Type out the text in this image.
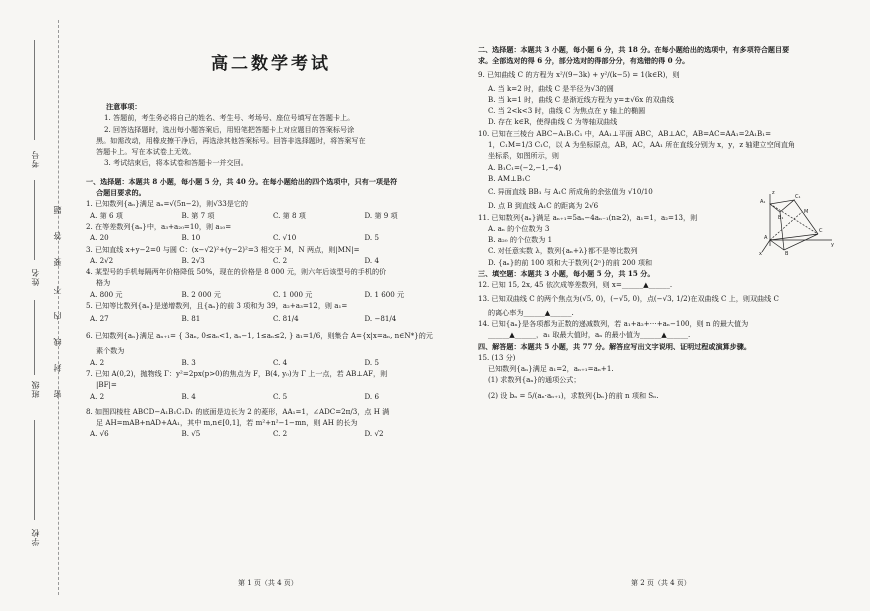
考号
姓名
班级
学校
题
答
要
不
内
线
封
密
高二数学考试
注意事项：
1. 答题前，考生务必将自己的姓名、考生号、考场号、座位号填写在答题卡上。
2. 回答选择题时，选出每小题答案后，用铅笔把答题卡上对应题目的答案标号涂
黑。如需改动，用橡皮擦干净后，再选涂其他答案标号。回答非选择题时，将答案写在
答题卡上。写在本试卷上无效。
3. 考试结束后，将本试卷和答题卡一并交回。
一、选择题：本题共 8 小题，每小题 5 分，共 40 分。在每小题给出的四个选项中，只有一项是符
合题目要求的。
1. 已知数列{aₙ}满足 aₙ=√(5n−2)，则√33是它的
A. 第 6 项	B. 第 7 项	C. 第 8 项	D. 第 9 项
2. 在等差数列{aₙ}中，a₃+a₂₀=10，则 a₁₀=
A. 20	B. 10	C. √10	D. 5
3. 已知直线 x+y−2=0 与圆 C：(x−√2)²+(y−2)²=3 相交于 M，N 两点，则|MN|=
A. 2√2	B. 2√3	C. 2	D. 4
4. 某型号的手机每隔两年价格降低 50%，现在的价格是 8 000 元，则六年后该型号的手机的价
格为
A. 800 元	B. 2 000 元	C. 1 000 元	D. 1 600 元
5. 已知等比数列{aₙ}是递增数列，且{aₙ}的前 3 项和为 39，a₂+a₃=12，则 a₁=
A. 27	B. 81	C. 81/4	D. −81/4
6. 已知数列{aₙ}满足 aₙ₊₁= { 3aₙ, 0≤aₙ<1, aₙ−1, 1≤aₙ≤2, } a₁=1/6，则集合 A={x|x=aₙ, n∈N*}的元
素个数为
A. 2	B. 3	C. 4	D. 5
7. 已知 A(0,2)，抛物线 Γ：y²=2px(p>0)的焦点为 F，B(4, y₀)为 Γ 上一点，若 AB⊥AF，则
|BF|=
A. 2	B. 4	C. 5	D. 6
8. 如图四棱柱 ABCD−A₁B₁C₁D₁ 的底面是边长为 2 的菱形，AA₁=1，∠ADC=2π/3，点 H 满
足 AH=mAB+nAD+AA₁，其中 m,n∈[0,1]，若 m²+n²−1−mn，则 AH 的长为
A. √6	B. √5	C. 2	D. √2
第 1 页（共 4 页）
二、选择题：本题共 3 小题，每小题 6 分，共 18 分。在每小题给出的选项中，有多项符合题目要
求。全部选对的得 6 分，部分选对的得部分分，有选错的得 0 分。
9. 已知曲线 C 的方程为 x²/(9−3k) + y²/(k−5) = 1(k∈R)，则
A. 当 k=2 时，曲线 C 是半径为√3的圆
B. 当 k=1 时，曲线 C 是渐近线方程为 y=±√6x 的双曲线
C. 当 2<k<3 时，曲线 C 为焦点在 y 轴上的椭圆
D. 存在 k∈R，使得曲线 C 为等轴双曲线
10. 已知在三棱台 ABC−A₁B₁C₁ 中，AA₁⊥平面 ABC，AB⊥AC，AB=AC=AA₁=2A₁B₁=
1，C₁M=1/3 C₁C，以 A 为坐标原点，AB，AC，AA₁ 所在直线分别为 x，y，z 轴建立空间直角
坐标系，如图所示，则
A. B₁C₁=(−2,−1,−4)
B. AM⊥B₁C
C. 异面直线 BB₁ 与 A₁C 所成角的余弦值为 √10/10
D. 点 B 到直线 A₁C 的距离为 2√6
11. 已知数列{aₙ}满足 aₙ₊₁=5aₙ−4aₙ₋₁(n≥2)，a₁=1，a₂=13，则
A. aₙ 的个位数为 3
B. a₂₀ 的个位数为 1
C. 对任意实数 λ，数列{aₙ+λ}都不是等比数列
D. {aₙ}的前 100 项和大于数列{2ⁿ}的前 200 项和
三、填空题：本题共 3 小题，每小题 5 分，共 15 分。
12. 已知 15, 2x, 45 依次成等差数列，则 x=______▲______.
13. 已知双曲线 C 的两个焦点为(√5, 0)，(−√5, 0)，点(−√3, 1/2)在双曲线 C 上，则双曲线 C
的离心率为______▲______.
14. 已知{aₙ}是各项都为正数的递减数列，若 a₁+a₂+⋯+aₙ−100，则 n 的最大值为
______▲______，a₁ 取最大值时，aₙ 的最小值为______▲______.
四、解答题：本题共 5 小题，共 77 分。解答应写出文字说明、证明过程或演算步骤。
15. (13 分)
已知数列{aₙ}满足 a₁=2，aₙ₊₁=aₙ+1.
(1) 求数列{aₙ}的通项公式；
(2) 设 bₙ = 5/(aₙ·aₙ₊₁)，求数列{bₙ}的前 n 项和 Sₙ.
第 2 页（共 4 页）
A₁
B₁
C₁
M
A
B
C
x
y
z
